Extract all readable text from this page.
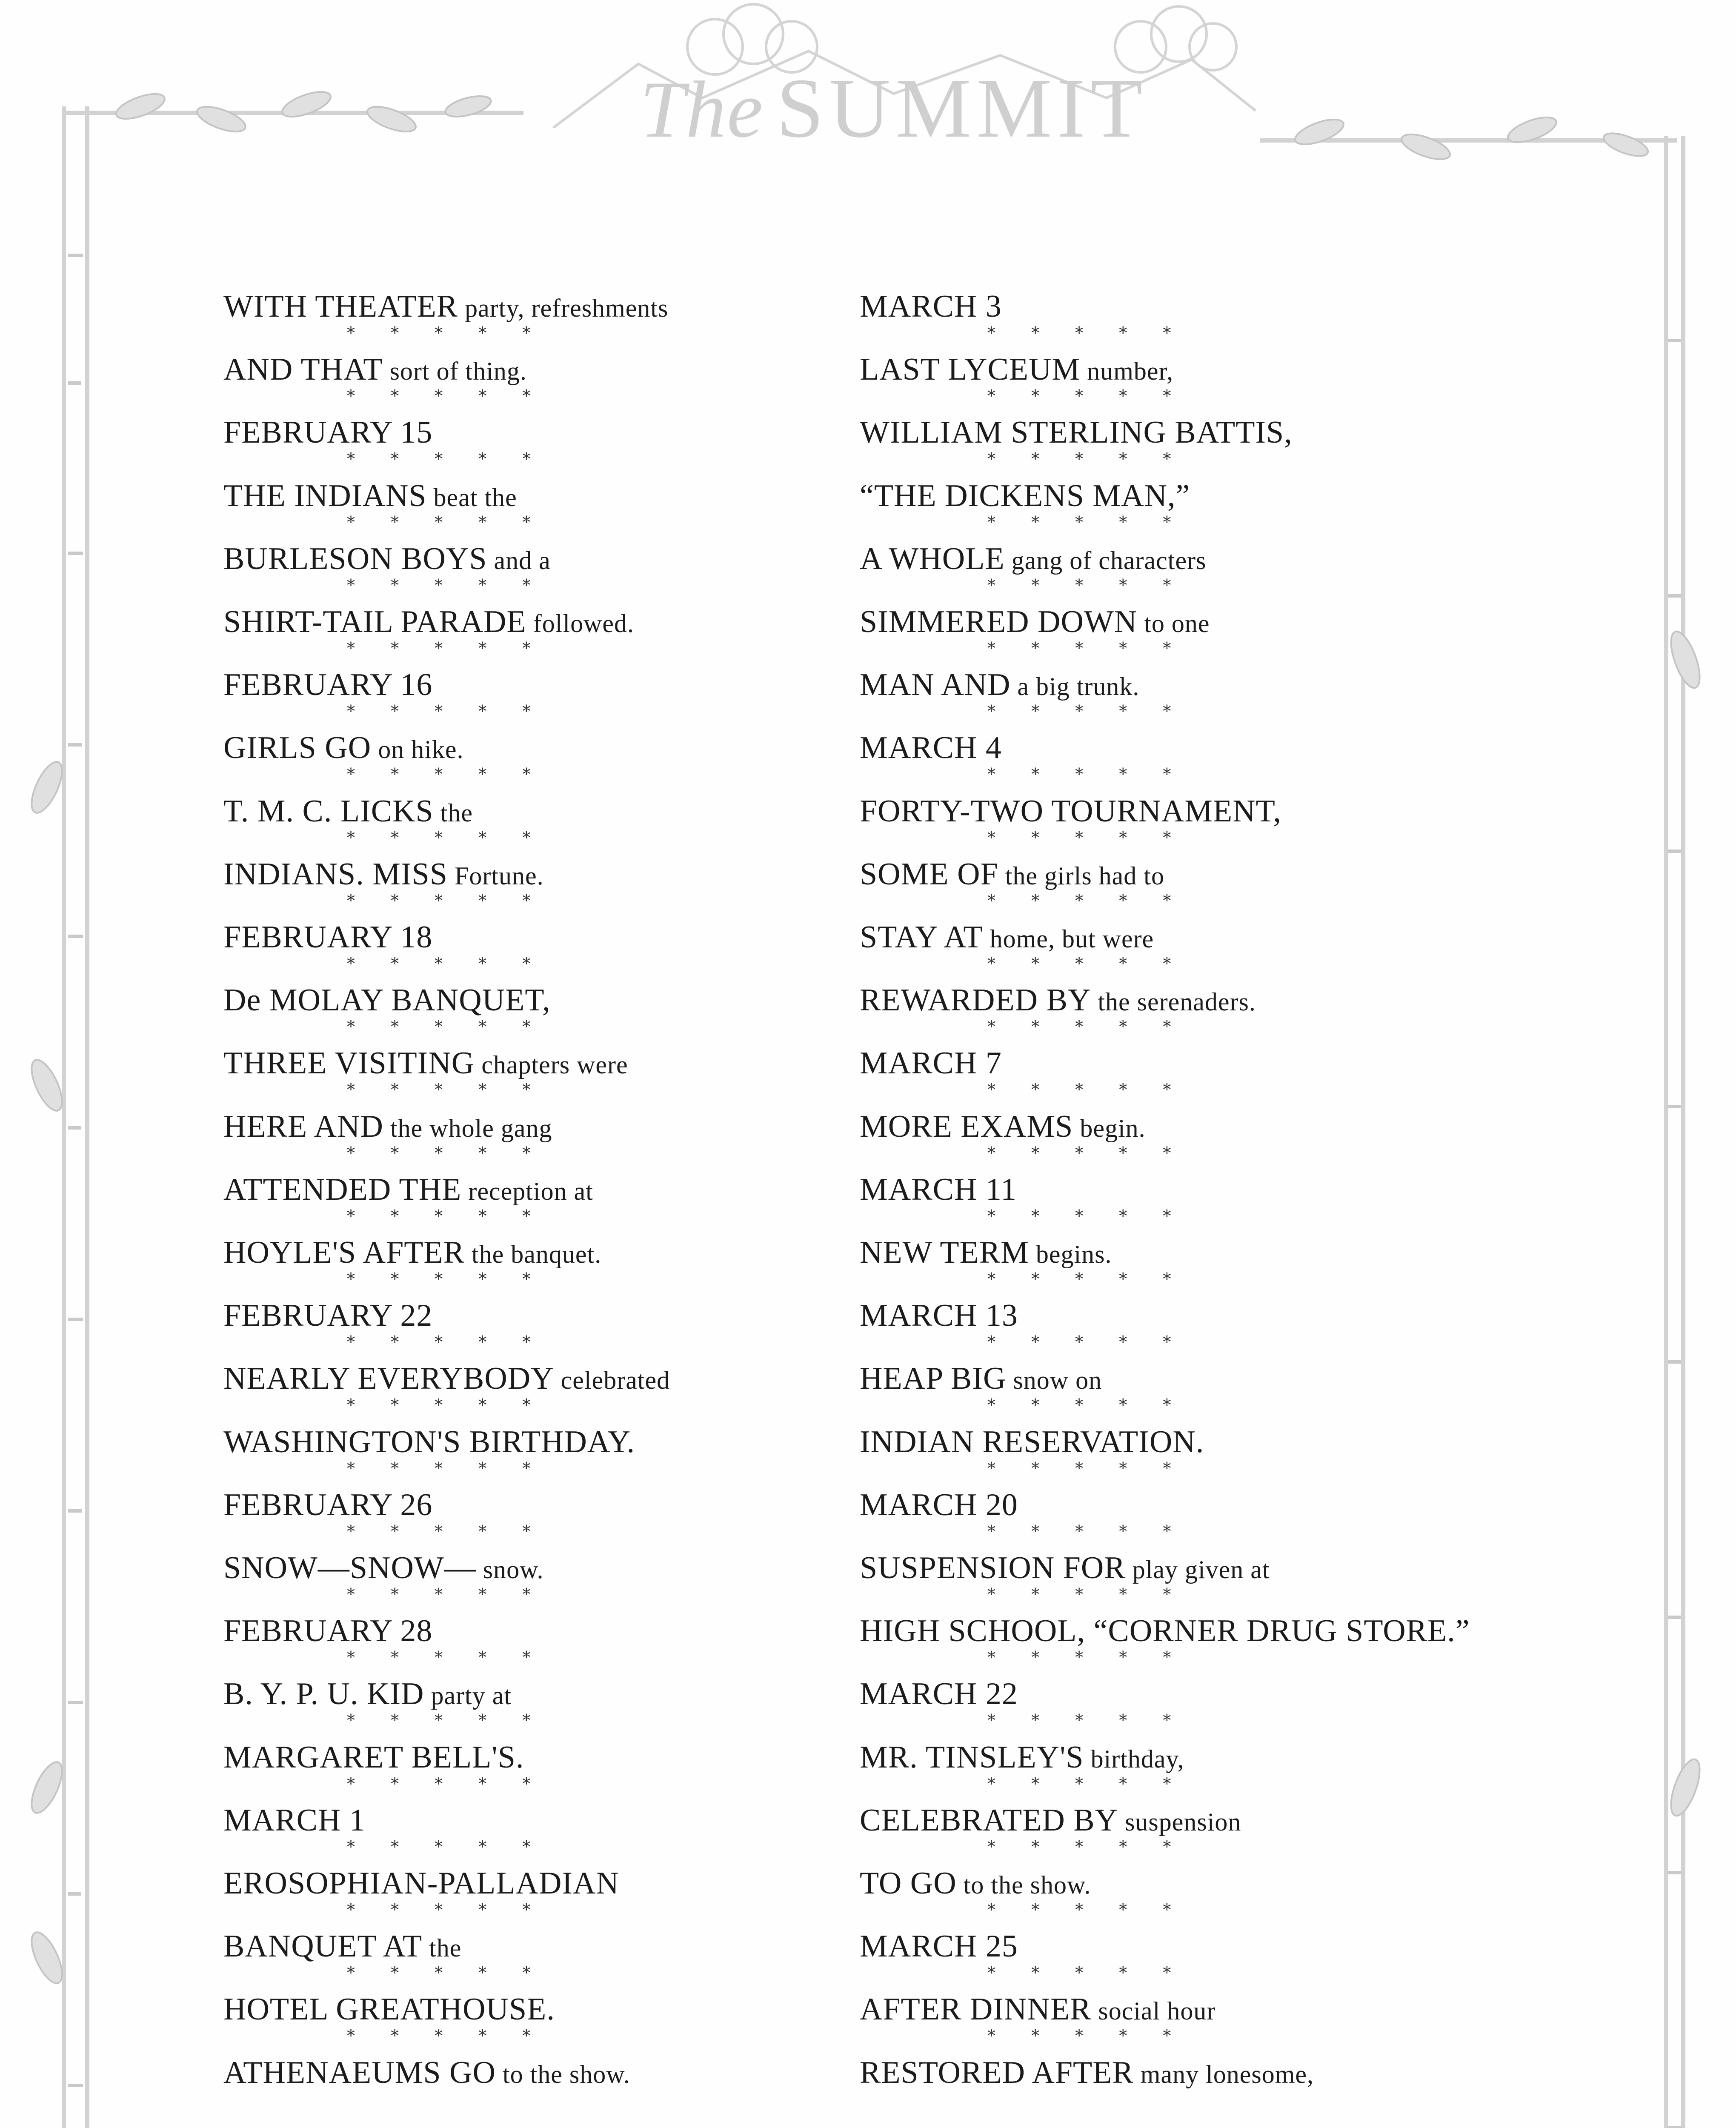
The SUMMIT
WITH THEATER party, refreshments
* * * * *
AND THAT sort of thing.
* * * * *
FEBRUARY 15
* * * * *
THE INDIANS beat the
* * * * *
BURLESON BOYS and a
* * * * *
SHIRT-TAIL PARADE followed.
* * * * *
FEBRUARY 16
* * * * *
GIRLS GO on hike.
* * * * *
T. M. C. LICKS the
* * * * *
INDIANS. MISS Fortune.
* * * * *
FEBRUARY 18
* * * * *
De MOLAY BANQUET,
* * * * *
THREE VISITING chapters were
* * * * *
HERE AND the whole gang
* * * * *
ATTENDED THE reception at
* * * * *
HOYLE'S AFTER the banquet.
* * * * *
FEBRUARY 22
* * * * *
NEARLY EVERYBODY celebrated
* * * * *
WASHINGTON'S BIRTHDAY.
* * * * *
FEBRUARY 26
* * * * *
SNOW—SNOW— snow.
* * * * *
FEBRUARY 28
* * * * *
B. Y. P. U. KID party at
* * * * *
MARGARET BELL'S.
* * * * *
MARCH 1
* * * * *
EROSOPHIAN-PALLADIAN
* * * * *
BANQUET AT the
* * * * *
HOTEL GREATHOUSE.
* * * * *
ATHENAEUMS GO to the show.
MARCH 3
* * * * *
LAST LYCEUM number,
* * * * *
WILLIAM STERLING BATTIS,
* * * * *
“THE DICKENS MAN,”
* * * * *
A WHOLE gang of characters
* * * * *
SIMMERED DOWN to one
* * * * *
MAN AND a big trunk.
* * * * *
MARCH 4
* * * * *
FORTY-TWO TOURNAMENT,
* * * * *
SOME OF the girls had to
* * * * *
STAY AT home, but were
* * * * *
REWARDED BY the serenaders.
* * * * *
MARCH 7
* * * * *
MORE EXAMS begin.
* * * * *
MARCH 11
* * * * *
NEW TERM begins.
* * * * *
MARCH 13
* * * * *
HEAP BIG snow on
* * * * *
INDIAN RESERVATION.
* * * * *
MARCH 20
* * * * *
SUSPENSION FOR play given at
* * * * *
HIGH SCHOOL, “CORNER DRUG STORE.”
* * * * *
MARCH 22
* * * * *
MR. TINSLEY'S birthday,
* * * * *
CELEBRATED BY suspension
* * * * *
TO GO to the show.
* * * * *
MARCH 25
* * * * *
AFTER DINNER social hour
* * * * *
RESTORED AFTER many lonesome,
